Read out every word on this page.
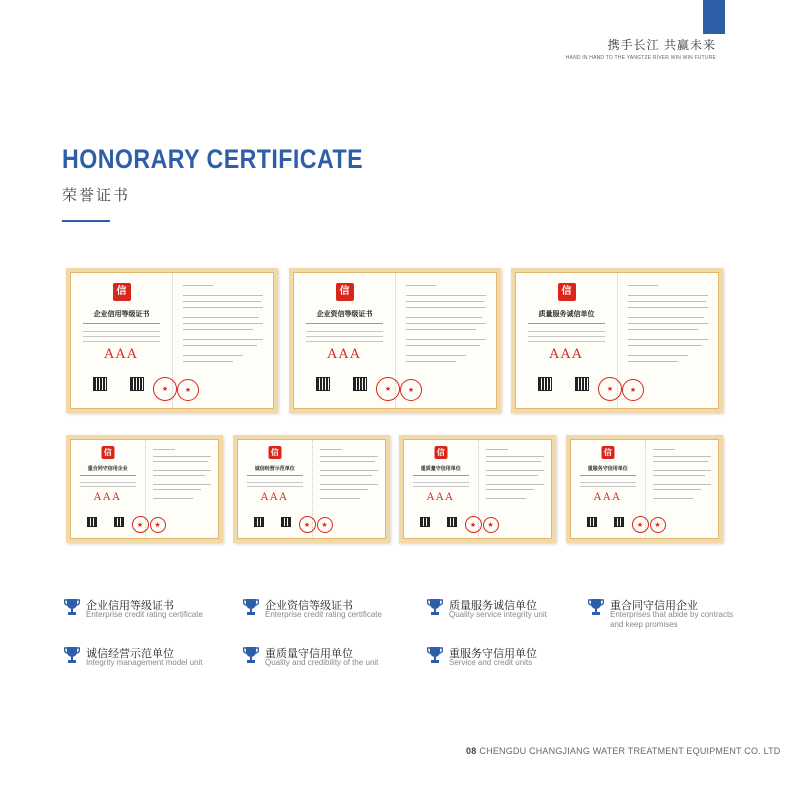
携手长江 共赢未来
HAND IN HAND TO THE YANGTZE RIVER WIN WIN FUTURE
HONORARY CERTIFICATE
荣誉证书
信
企业信用等级证书
AAA
★
★
信
企业资信等级证书
AAA
★
★
信
质量服务诚信单位
AAA
★
★
信
重合同守信用企业
AAA
★
★
信
诚信经营示范单位
AAA
★
★
信
重质量守信用单位
AAA
★
★
信
重服务守信用单位
AAA
★
★
企业信用等级证书
Enterprise credit rating certificate
企业资信等级证书
Enterprise credit rating certificate
质量服务诚信单位
Quality service integrity unit
重合同守信用企业
Enterprises that abide by contracts and keep promises
诚信经营示范单位
Integrity management model unit
重质量守信用单位
Quality and credibility of the unit
重服务守信用单位
Service and credit units
08 CHENGDU CHANGJIANG WATER TREATMENT EQUIPMENT CO. LTD
